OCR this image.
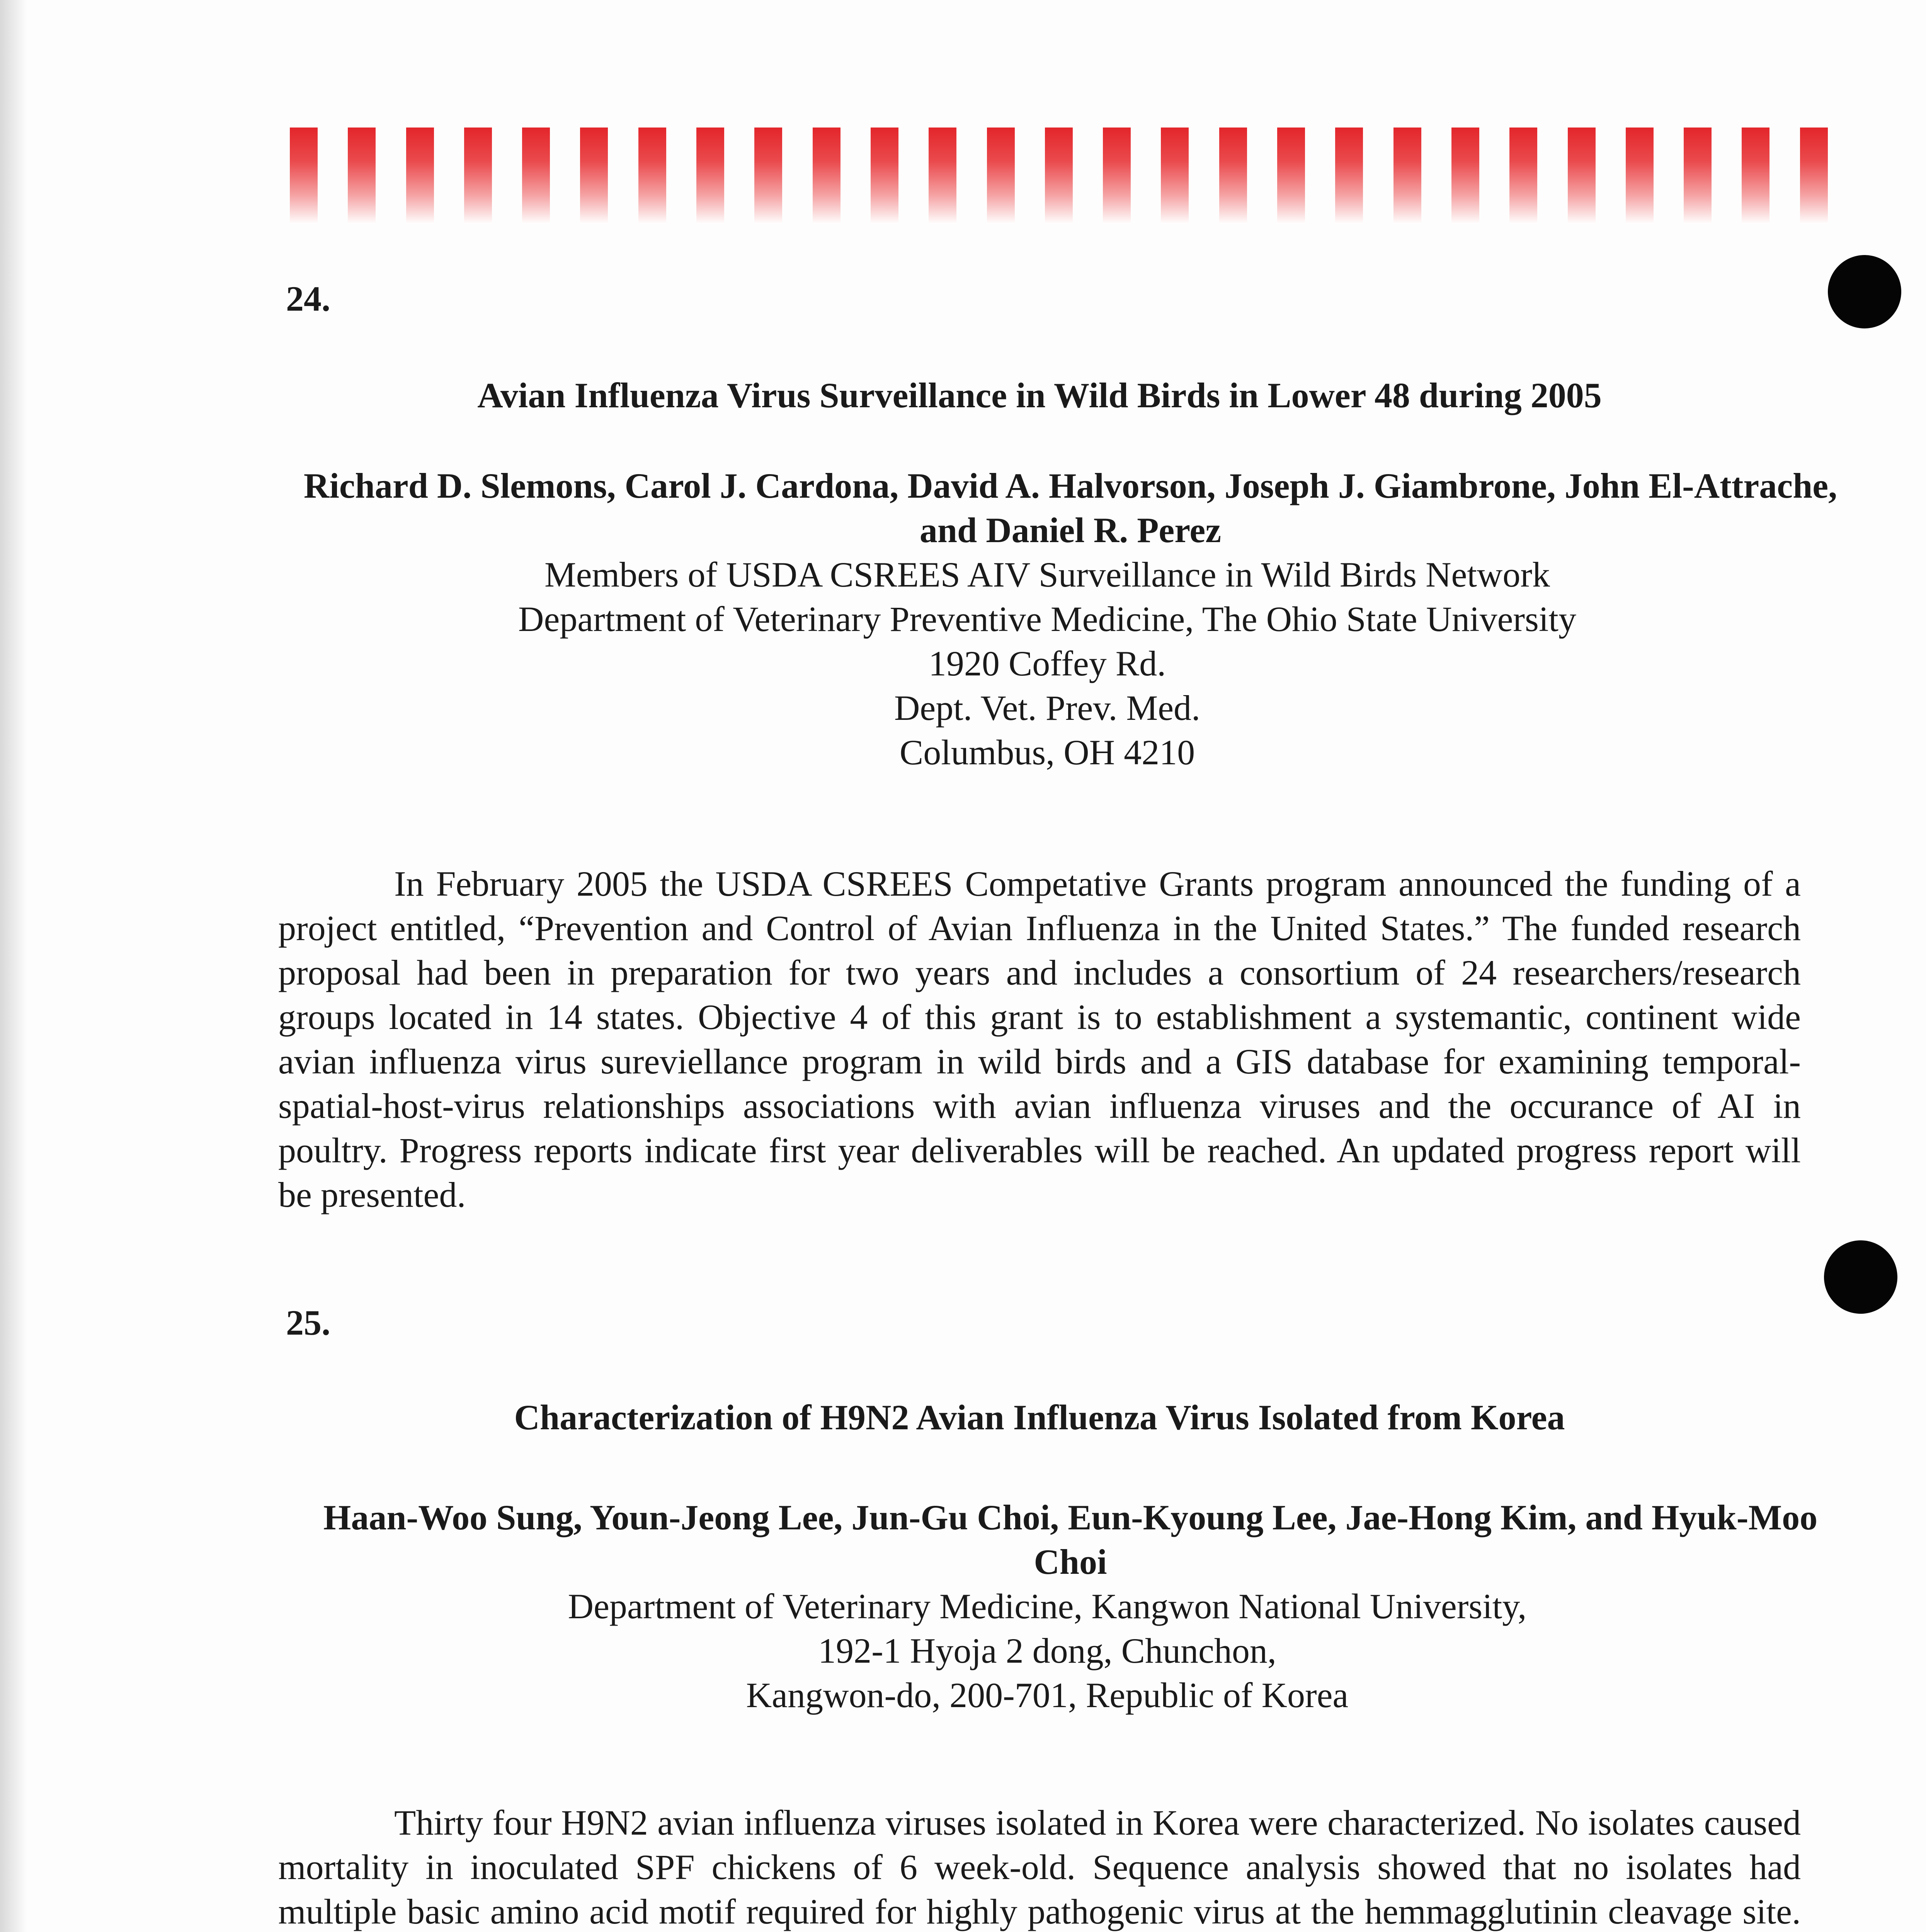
24.

Avian Influenza Virus Surveillance in Wild Birds in Lower 48 during 2005

Richard D. Slemons, Carol J. Cardona, David A. Halvorson, Joseph J. Giambrone, John El-Attrache, and Daniel R. Perez

Members of USDA CSREES AIV Surveillance in Wild Birds Network
Department of Veterinary Preventive Medicine, The Ohio State University
1920 Coffey Rd.
Dept. Vet. Prev. Med.
Columbus, OH 4210

In February 2005 the USDA CSREES Competative Grants program announced the funding of a project entitled, “Prevention and Control of Avian Influenza in the United States.” The funded research proposal had been in preparation for two years and includes a consortium of 24 researchers/research groups located in 14 states. Objective 4 of this grant is to establishment a systemantic, continent wide avian influenza virus sureviellance program in wild birds and a GIS database for examining temporal-spatial-host-virus relationships associations with avian influenza viruses and the occurance of AI in poultry. Progress reports indicate first year deliverables will be reached. An updated progress report will be presented.

25.

Characterization of H9N2 Avian Influenza Virus Isolated from Korea

Haan-Woo Sung, Youn-Jeong Lee, Jun-Gu Choi, Eun-Kyoung Lee, Jae-Hong Kim, and Hyuk-Moo Choi

Department of Veterinary Medicine, Kangwon National University,
192-1 Hyoja 2 dong, Chunchon,
Kangwon-do, 200-701, Republic of Korea

Thirty four H9N2 avian influenza viruses isolated in Korea were characterized. No isolates caused mortality in inoculated SPF chickens of 6 week-old. Sequence analysis showed that no isolates had multiple basic amino acid motif required for highly pathogenic virus at the hemmagglutinin cleavage site.
